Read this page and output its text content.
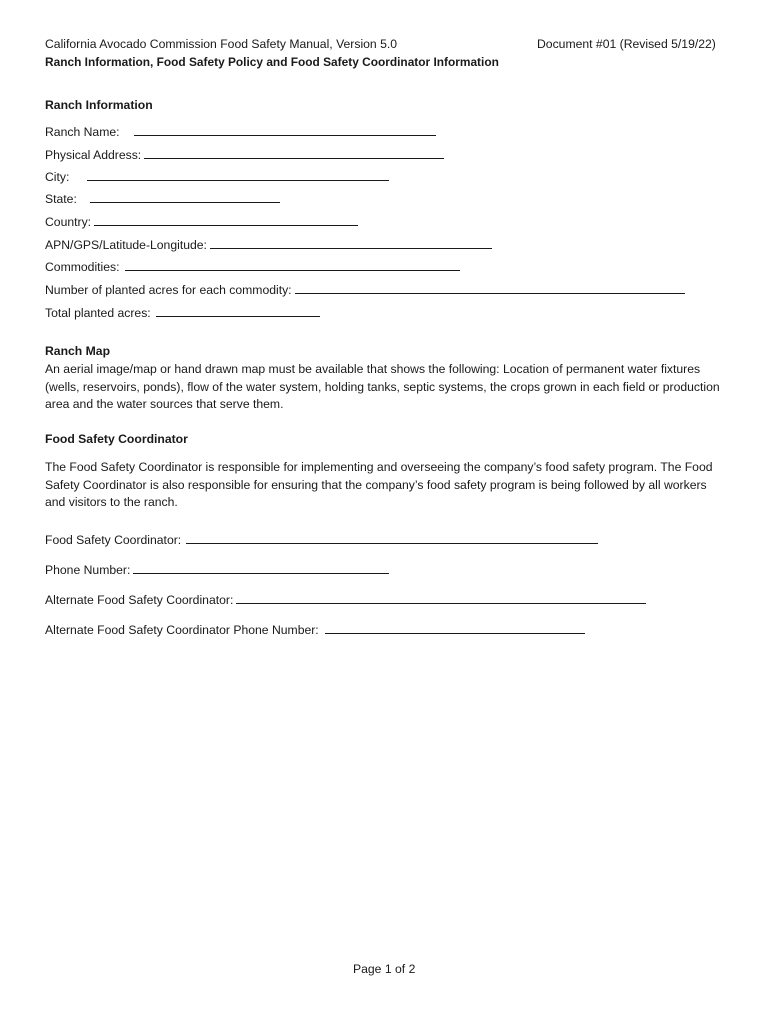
California Avocado Commission Food Safety Manual, Version 5.0	Document #01 (Revised 5/19/22)
Ranch Information, Food Safety Policy and Food Safety Coordinator Information
Ranch Information
Ranch Name:
Physical Address:
City:
State:
Country:
APN/GPS/Latitude-Longitude:
Commodities:
Number of planted acres for each commodity:
Total planted acres:
Ranch Map
An aerial image/map or hand drawn map must be available that shows the following: Location of permanent water fixtures (wells, reservoirs, ponds), flow of the water system, holding tanks, septic systems, the crops grown in each field or production area and the water sources that serve them.
Food Safety Coordinator
The Food Safety Coordinator is responsible for implementing and overseeing the company’s food safety program. The Food Safety Coordinator is also responsible for ensuring that the company’s food safety program is being followed by all workers and visitors to the ranch.
Food Safety Coordinator:
Phone Number:
Alternate Food Safety Coordinator:
Alternate Food Safety Coordinator Phone Number:
Page 1 of 2
